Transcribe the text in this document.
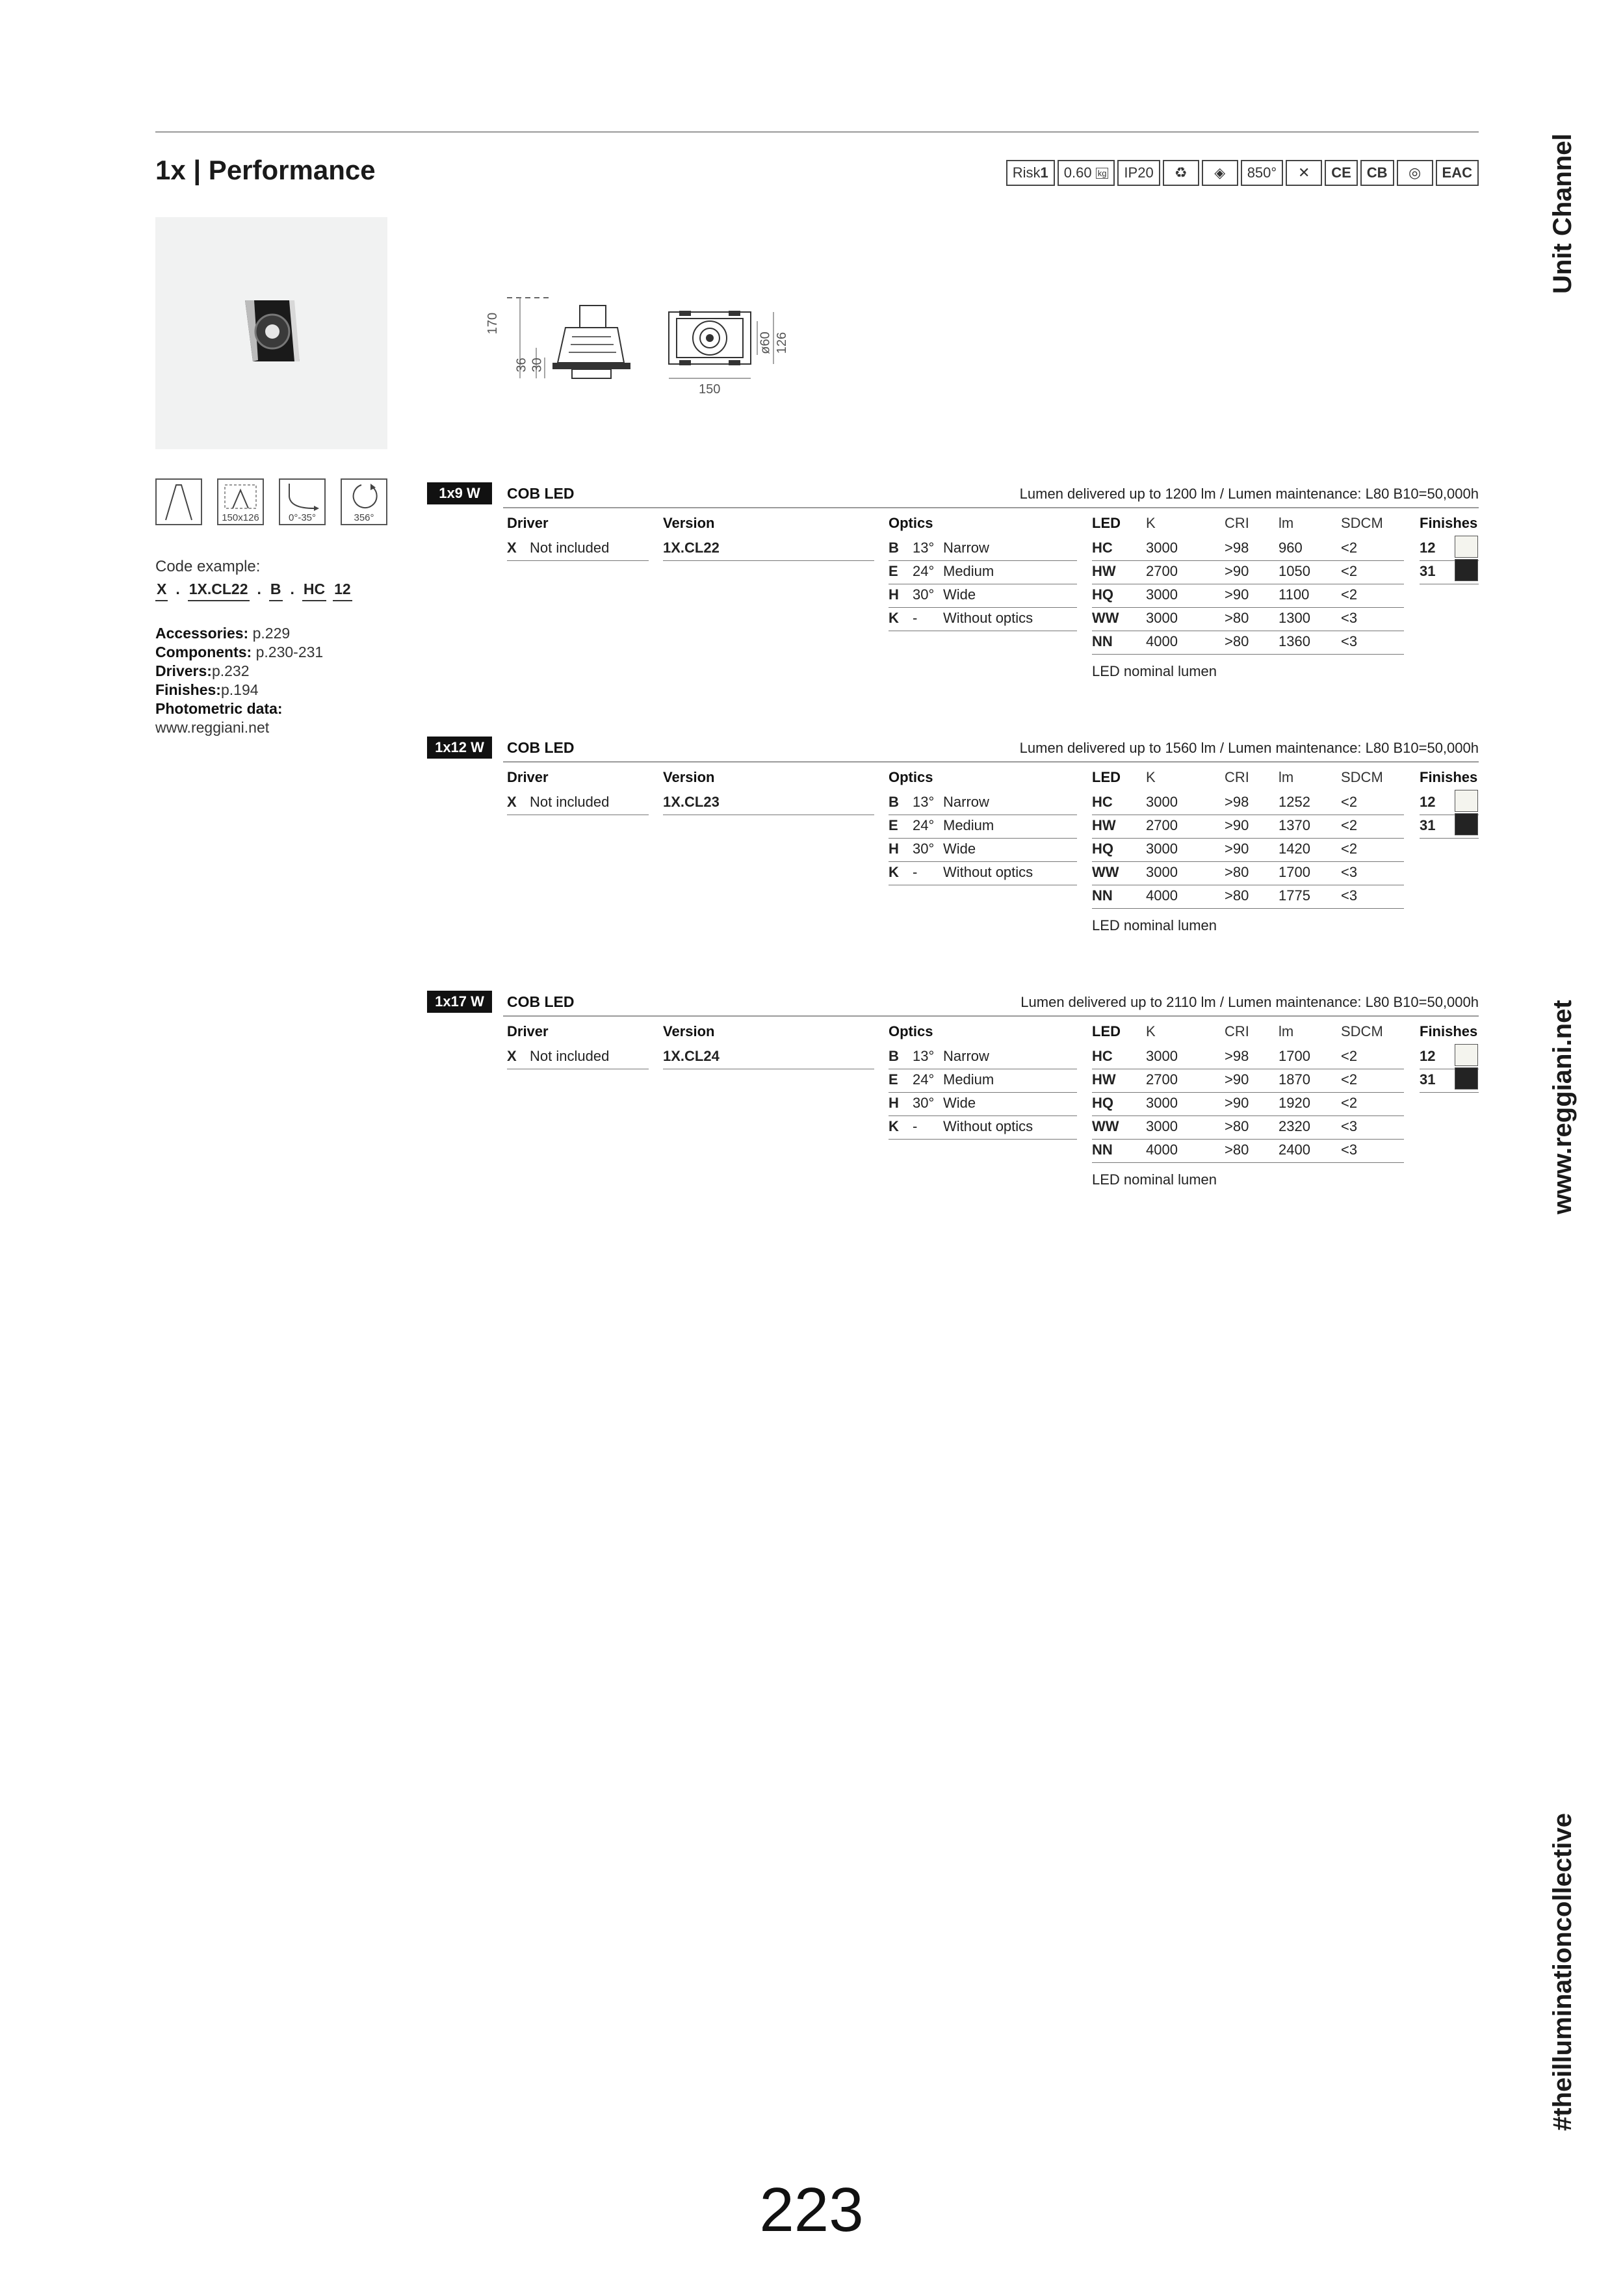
1x | Performance	Risk 1 0.60
kg	IP20	♻	◈	850°	✕	CE	CB	◎	EAC	Unit Channel
www.reggiani.net
#theilluminationcollective
170
36 30
ø60 126
150
150x126	0°-35°	356°
Code example:
X . 1X.CL22 . B . HC 12
Accessories: p.229
Components: p.230-231
Drivers:p.232
Finishes:p.194
Photometric data:
www.reggiani.net
1x9 W	COB LED	Lumen delivered up to 1200 lm / Lumen maintenance: L80 B10=50,000h
Driver	Version	Optics	LED K	CRI lm	SDCM	Finishes
X Not included	1X.CL22	B 13° Narrow
E 24° Medium
H 30° Wide
K - Without optics
HC 3000	>98 960	<2
HW 2700	>90 1050 <2
HQ 3000	>90 1100 <2
WW 3000	>80 1300 <3
NN 4000	>80 1360 <3
LED nominal lumen
12
31
1x12 W	COB LED	Lumen delivered up to 1560 lm / Lumen maintenance: L80 B10=50,000h
Driver	Version	Optics	LED K	CRI lm	SDCM	Finishes
X Not included	1X.CL23	B 13° Narrow
E 24° Medium
H 30° Wide
K - Without optics
HC 3000	>98 1252 <2
HW 2700	>90 1370 <2
HQ 3000	>90 1420 <2
WW 3000	>80 1700 <3
NN 4000	>80 1775 <3
LED nominal lumen
12
31
1x17 W	COB LED	Lumen delivered up to 2110 lm / Lumen maintenance: L80 B10=50,000h
Driver	Version	Optics	LED K	CRI lm	SDCM	Finishes
X Not included	1X.CL24	B 13° Narrow
E 24° Medium
H 30° Wide
K - Without optics
HC 3000	>98 1700 <2
HW 2700	>90 1870 <2
HQ 3000	>90 1920 <2
WW 3000	>80 2320 <3
NN 4000	>80 2400 <3
LED nominal lumen
12
31
223
